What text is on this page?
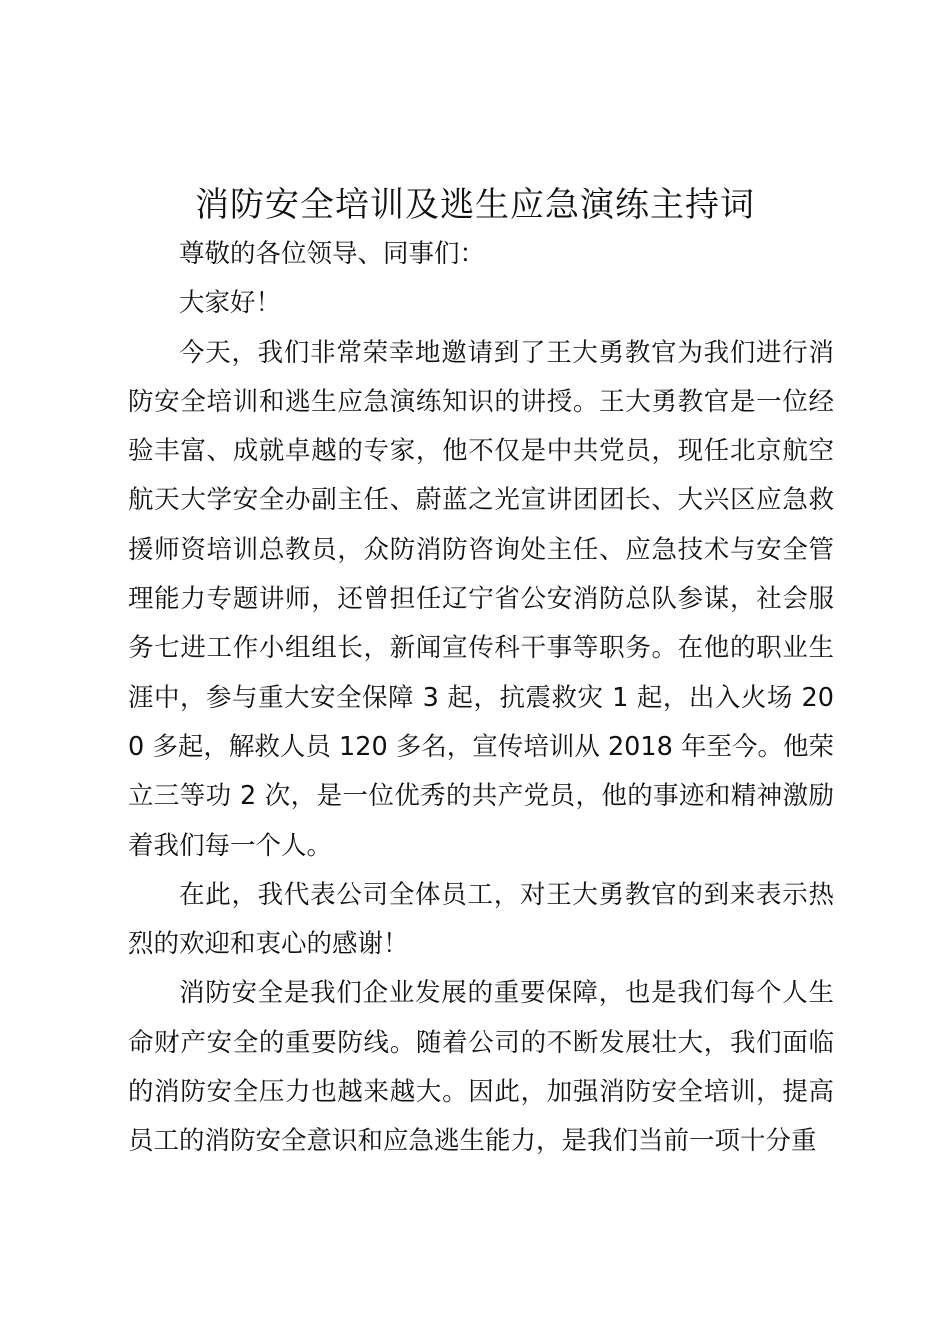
消防安全培训及逃生应急演练主持词

尊敬的各位领导、同事们：

大家好！

今天，我们非常荣幸地邀请到了王大勇教官为我们进行消防安全培训和逃生应急演练知识的讲授。王大勇教官是一位经验丰富、成就卓越的专家，他不仅是中共党员，现任北京航空航天大学安全办副主任、蔚蓝之光宣讲团团长、大兴区应急救援师资培训总教员，众防消防咨询处主任、应急技术与安全管理能力专题讲师，还曾担任辽宁省公安消防总队参谋，社会服务七进工作小组组长，新闻宣传科干事等职务。在他的职业生涯中，参与重大安全保障 3 起，抗震救灾 1 起，出入火场 200 多起，解救人员 120 多名，宣传培训从 2018 年至今。他荣立三等功 2 次，是一位优秀的共产党员，他的事迹和精神激励着我们每一个人。

在此，我代表公司全体员工，对王大勇教官的到来表示热烈的欢迎和衷心的感谢！

消防安全是我们企业发展的重要保障，也是我们每个人生命财产安全的重要防线。随着公司的不断发展壮大，我们面临的消防安全压力也越来越大。因此，加强消防安全培训，提高员工的消防安全意识和应急逃生能力，是我们当前一项十分重
